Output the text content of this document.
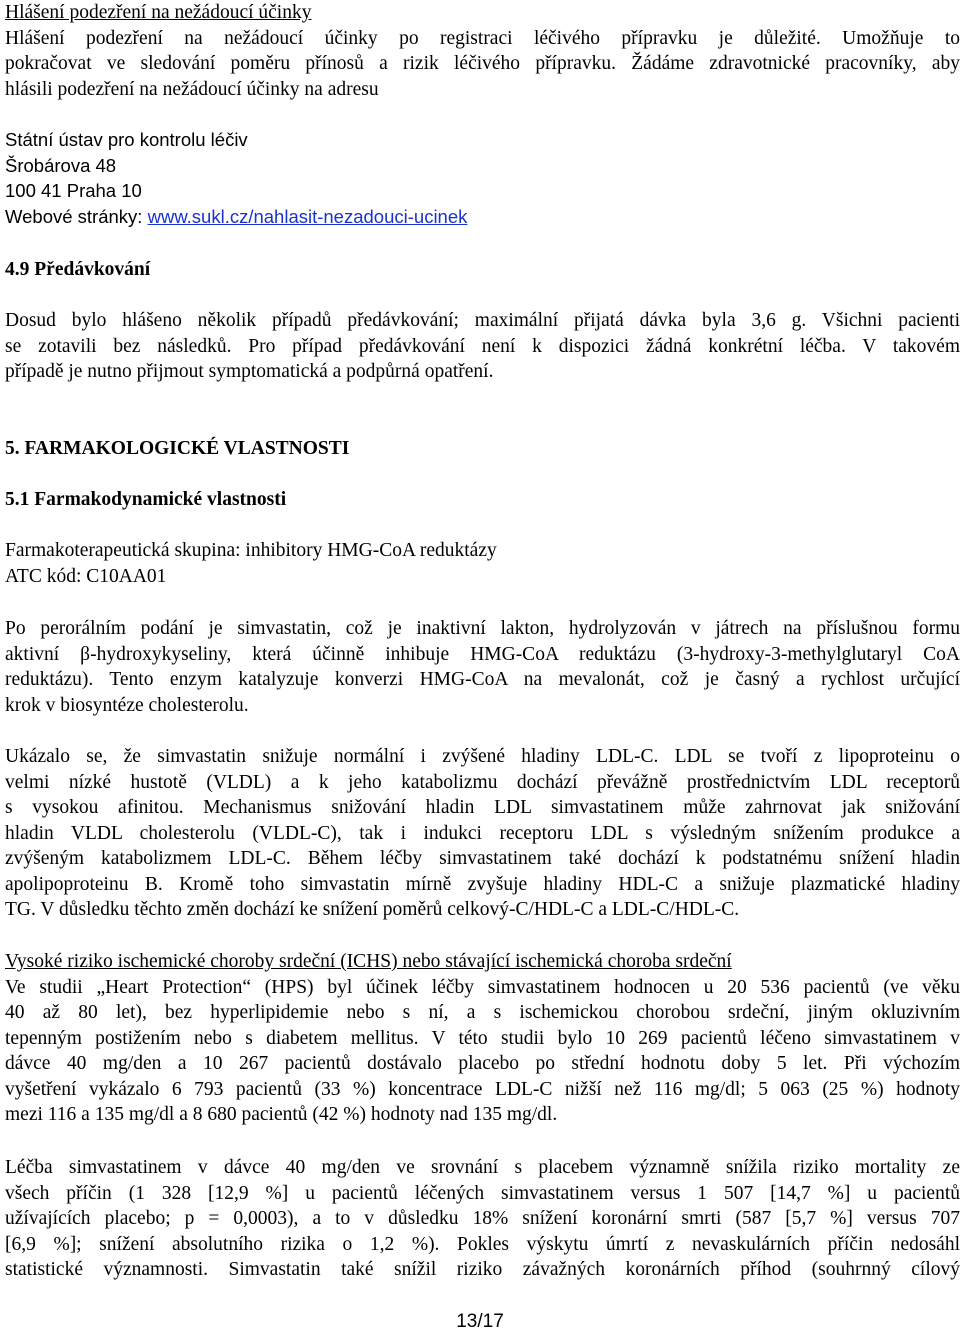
Hlášení podezření na nežádoucí účinky
Hlášení podezření na nežádoucí účinky po registraci léčivého přípravku je důležité. Umožňuje to
pokračovat ve sledování poměru přínosů a rizik léčivého přípravku. Žádáme zdravotnické pracovníky, aby
hlásili podezření na nežádoucí účinky na adresu
Státní ústav pro kontrolu léčiv
Šrobárova 48
100 41 Praha 10
Webové stránky: www.sukl.cz/nahlasit-nezadouci-ucinek
4.9 Předávkování
Dosud bylo hlášeno několik případů předávkování; maximální přijatá dávka byla 3,6 g. Všichni pacienti
se zotavili bez následků. Pro případ předávkování není k dispozici žádná konkrétní léčba. V takovém
případě je nutno přijmout symptomatická a podpůrná opatření.
5. FARMAKOLOGICKÉ VLASTNOSTI
5.1 Farmakodynamické vlastnosti
Farmakoterapeutická skupina: inhibitory HMG-CoA reduktázy
ATC kód: C10AA01
Po perorálním podání je simvastatin, což je inaktivní lakton, hydrolyzován v játrech na příslušnou formu
aktivní β-hydroxykyseliny, která účinně inhibuje HMG-CoA reduktázu (3-hydroxy-3-methylglutaryl CoA
reduktázu). Tento enzym katalyzuje konverzi HMG-CoA na mevalonát, což je časný a rychlost určující
krok v biosyntéze cholesterolu.
Ukázalo se, že simvastatin snižuje normální i zvýšené hladiny LDL-C. LDL se tvoří z lipoproteinu o
velmi nízké hustotě (VLDL) a k jeho katabolizmu dochází převážně prostřednictvím LDL receptorů
s vysokou afinitou. Mechanismus snižování hladin LDL simvastatinem může zahrnovat jak snižování
hladin VLDL cholesterolu (VLDL-C), tak i indukci receptoru LDL s výsledným snížením produkce a
zvýšeným katabolizmem LDL-C. Během léčby simvastatinem také dochází k podstatnému snížení hladin
apolipoproteinu B. Kromě toho simvastatin mírně zvyšuje hladiny HDL-C a snižuje plazmatické hladiny
TG. V důsledku těchto změn dochází ke snížení poměrů celkový-C/HDL-C a LDL-C/HDL-C.
Vysoké riziko ischemické choroby srdeční (ICHS) nebo stávající ischemická choroba srdeční
Ve studii „Heart Protection“ (HPS) byl účinek léčby simvastatinem hodnocen u 20 536 pacientů (ve věku
40 až 80 let), bez hyperlipidemie nebo s ní, a s ischemickou chorobou srdeční, jiným okluzivním
tepenným postižením nebo s diabetem mellitus. V této studii bylo 10 269 pacientů léčeno simvastatinem v
dávce 40 mg/den a 10 267 pacientů dostávalo placebo po střední hodnotu doby 5 let. Při výchozím
vyšetření vykázalo 6 793 pacientů (33 %) koncentrace LDL-C nižší než 116 mg/dl; 5 063 (25 %) hodnoty
mezi 116 a 135 mg/dl a 8 680 pacientů (42 %) hodnoty nad 135 mg/dl.
Léčba simvastatinem v dávce 40 mg/den ve srovnání s placebem významně snížila riziko mortality ze
všech příčin (1 328 [12,9 %] u pacientů léčených simvastatinem versus 1 507 [14,7 %] u pacientů
užívajících placebo; p = 0,0003), a to v důsledku 18% snížení koronární smrti (587 [5,7 %] versus 707
[6,9 %]; snížení absolutního rizika o 1,2 %). Pokles výskytu úmrtí z nevaskulárních příčin nedosáhl
statistické významnosti. Simvastatin také snížil riziko závažných koronárních příhod (souhrnný cílový
13/17
